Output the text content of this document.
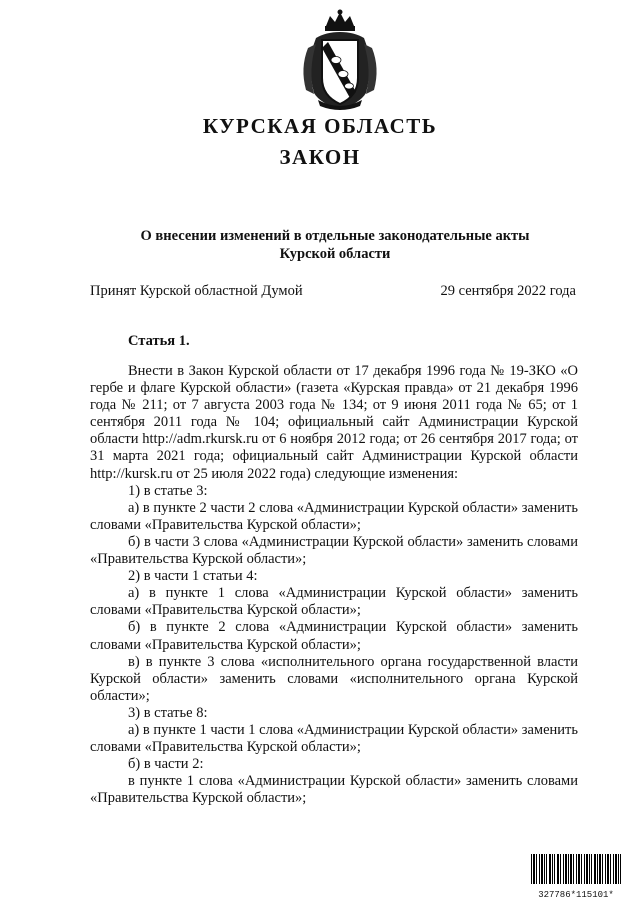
КУРСКАЯ ОБЛАСТЬ
ЗАКОН
О внесении изменений в отдельные законодательные акты
Курской области
Принят Курской областной Думой	29 сентября 2022 года
Статья 1.

Внести в Закон Курской области от 17 декабря 1996 года № 19-ЗКО «О гербе и флаге Курской области» (газета «Курская правда» от 21 декабря 1996 года № 211; от 7 августа 2003 года № 134; от 9 июня 2011 года № 65; от 1 сентября 2011 года № 104; официальный сайт Администрации Курской области http://adm.rkursk.ru от 6 ноября 2012 года; от 26 сентября 2017 года; от 31 марта 2021 года; официальный сайт Администрации Курской области http://kursk.ru от 25 июля 2022 года) следующие изменения:

1) в статье 3:

а) в пункте 2 части 2 слова «Администрации Курской области» заменить словами «Правительства Курской области»;

б) в части 3 слова «Администрации Курской области» заменить словами «Правительства Курской области»;

2) в части 1 статьи 4:

а) в пункте 1 слова «Администрации Курской области» заменить словами «Правительства Курской области»;

б) в пункте 2 слова «Администрации Курской области» заменить словами «Правительства Курской области»;

в) в пункте 3 слова «исполнительного органа государственной власти Курской области» заменить словами «исполнительного органа Курской области»;

3) в статье 8:

а) в пункте 1 части 1 слова «Администрации Курской области» заменить словами «Правительства Курской области»;

б) в части 2:

в пункте 1 слова «Администрации Курской области» заменить словами «Правительства Курской области»;

327786*115101*
